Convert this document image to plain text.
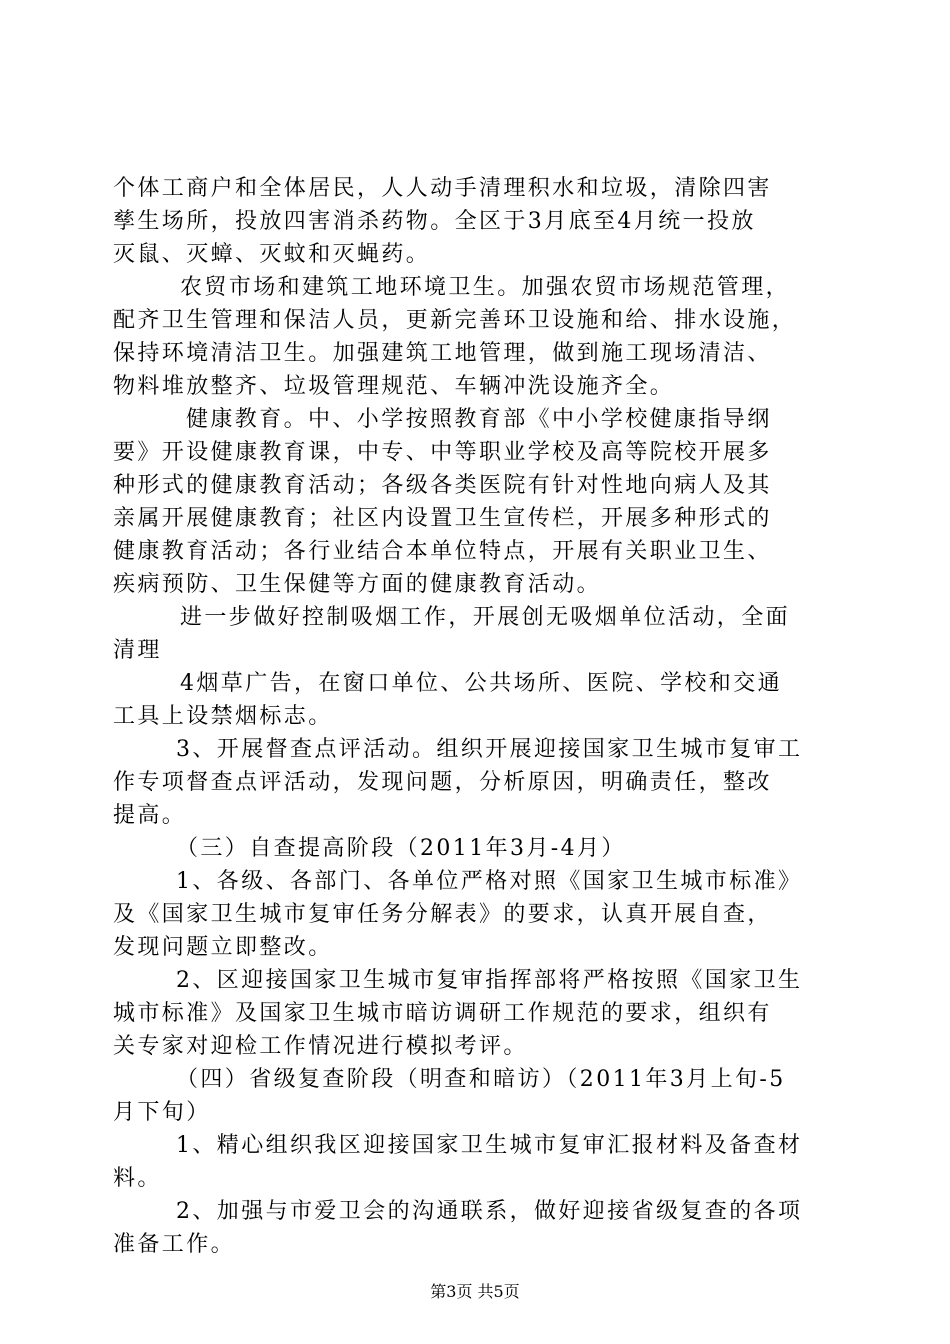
个体工商户和全体居民，人人动手清理积水和垃圾，清除四害
孳生场所，投放四害消杀药物。全区于3月底至4月统一投放
灭鼠、灭蟑、灭蚊和灭蝇药。
农贸市场和建筑工地环境卫生。加强农贸市场规范管理，
配齐卫生管理和保洁人员，更新完善环卫设施和给、排水设施，
保持环境清洁卫生。加强建筑工地管理，做到施工现场清洁、
物料堆放整齐、垃圾管理规范、车辆冲洗设施齐全。
健康教育。中、小学按照教育部《中小学校健康指导纲
要》开设健康教育课，中专、中等职业学校及高等院校开展多
种形式的健康教育活动；各级各类医院有针对性地向病人及其
亲属开展健康教育；社区内设置卫生宣传栏，开展多种形式的
健康教育活动；各行业结合本单位特点，开展有关职业卫生、
疾病预防、卫生保健等方面的健康教育活动。
进一步做好控制吸烟工作，开展创无吸烟单位活动，全面
清理
4烟草广告，在窗口单位、公共场所、医院、学校和交通
工具上设禁烟标志。
3、开展督查点评活动。组织开展迎接国家卫生城市复审工
作专项督查点评活动，发现问题，分析原因，明确责任，整改
提高。
（三）自查提高阶段（2011年3月-4月）
1、各级、各部门、各单位严格对照《国家卫生城市标准》
及《国家卫生城市复审任务分解表》的要求，认真开展自查，
发现问题立即整改。
2、区迎接国家卫生城市复审指挥部将严格按照《国家卫生
城市标准》及国家卫生城市暗访调研工作规范的要求，组织有
关专家对迎检工作情况进行模拟考评。
（四）省级复查阶段（明查和暗访）（2011年3月上旬-5
月下旬）
1、精心组织我区迎接国家卫生城市复审汇报材料及备查材
料。
2、加强与市爱卫会的沟通联系，做好迎接省级复查的各项
准备工作。
第3页 共5页
